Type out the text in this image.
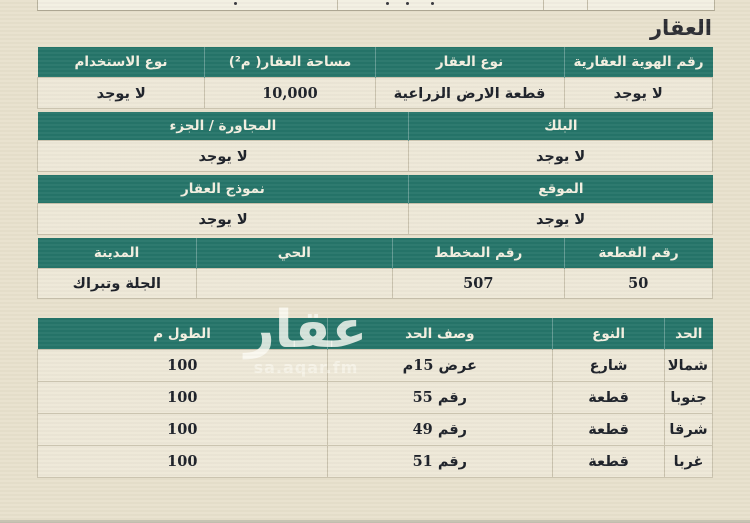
العقار
رقم الهوية العقارية	نوع العقار	مساحة العقار( م²)	نوع الاستخدام
لا يوجد	قطعة الارض الزراعية	10,000	لا يوجد
البلك	المجاورة / الجزء
لا يوجد	لا يوجد
الموقع	نموذج العقار
لا يوجد	لا يوجد
رقم القطعة	رقم المخطط	الحي	المدينة
50	507		الجلة وتبراك
الحد	النوع	وصف الحد	الطول م
شمالا	شارع	عرض 15م	100
جنوبا	قطعة	رقم 55	100
شرقا	قطعة	رقم 49	100
غربا	قطعة	رقم 51	100
عقار
sa.aqar.fm
